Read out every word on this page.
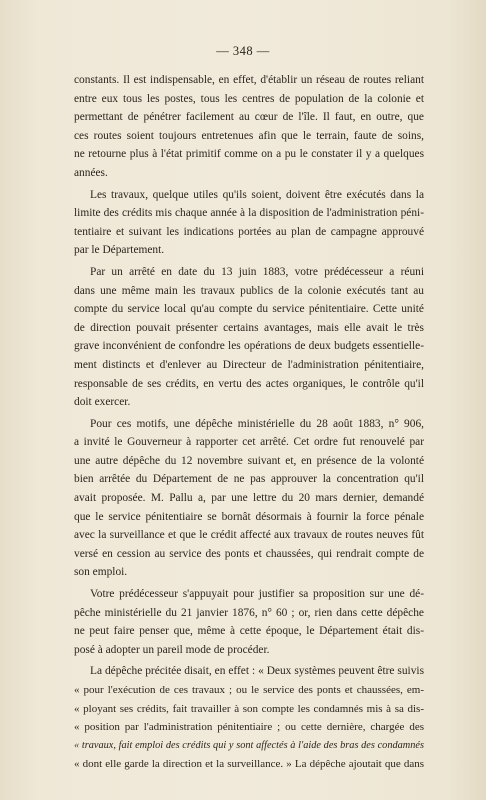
— 348 —
constants. Il est indispensable, en effet, d'établir un réseau de routes reliant
entre eux tous les postes, tous les centres de population de la colonie et
permettant de pénétrer facilement au cœur de l'île. Il faut, en outre, que
ces routes soient toujours entretenues afin que le terrain, faute de soins,
ne retourne plus à l'état primitif comme on a pu le constater il y a quelques
années.
Les travaux, quelque utiles qu'ils soient, doivent être exécutés dans la
limite des crédits mis chaque année à la disposition de l'administration péni-
tentiaire et suivant les indications portées au plan de campagne approuvé
par le Département.
Par un arrêté en date du 13 juin 1883, votre prédécesseur a réuni
dans une même main les travaux publics de la colonie exécutés tant au
compte du service local qu'au compte du service pénitentiaire. Cette unité
de direction pouvait présenter certains avantages, mais elle avait le très
grave inconvénient de confondre les opérations de deux budgets essentielle-
ment distincts et d'enlever au Directeur de l'administration pénitentiaire,
responsable de ses crédits, en vertu des actes organiques, le contrôle qu'il
doit exercer.
Pour ces motifs, une dépêche ministérielle du 28 août 1883, n° 906,
a invité le Gouverneur à rapporter cet arrêté. Cet ordre fut renouvelé par
une autre dépêche du 12 novembre suivant et, en présence de la volonté
bien arrêtée du Département de ne pas approuver la concentration qu'il
avait proposée. M. Pallu a, par une lettre du 20 mars dernier, demandé
que le service pénitentiaire se bornât désormais à fournir la force pénale
avec la surveillance et que le crédit affecté aux travaux de routes neuves fût
versé en cession au service des ponts et chaussées, qui rendrait compte de
son emploi.
Votre prédécesseur s'appuyait pour justifier sa proposition sur une dé-
pêche ministérielle du 21 janvier 1876, n° 60 ; or, rien dans cette dépêche
ne peut faire penser que, même à cette époque, le Département était dis-
posé à adopter un pareil mode de procéder.
La dépêche précitée disait, en effet : « Deux systèmes peuvent être suivis
« pour l'exécution de ces travaux ; ou le service des ponts et chaussées, em-
« ployant ses crédits, fait travailler à son compte les condamnés mis à sa dis-
« position par l'administration pénitentiaire ; ou cette dernière, chargée des
« travaux, fait emploi des crédits qui y sont affectés à l'aide des bras des condamnés
« dont elle garde la direction et la surveillance. » La dépêche ajoutait que dans
